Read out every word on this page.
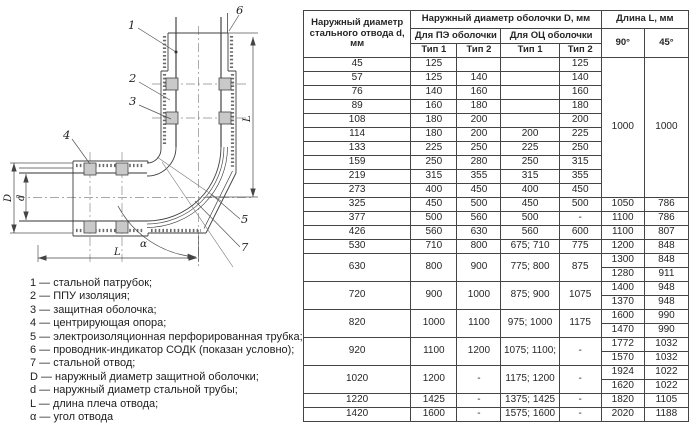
1
6
2
3
4
5
7
α
L
L
D d
1 — стальной патрубок;
2 — ППУ изоляция;
3 — защитная оболочка;
4 — центрирующая опора;
5 — электроизоляционная перфорированная трубка;
6 — проводник-индикатор СОДК (показан условно);
7 — стальной отвод;
D — наружный диаметр защитной оболочки;
d — наружный диаметр стальной трубы;
L — длина плеча отвода;
α — угол отвода
Наружный диаметр стального отвода d, мм	Наружный диаметр оболочки D, мм				Длина L, мм	
	Для ПЭ оболочки		Для ОЦ оболочки		90°	45°
	Тип 1	Тип 2	Тип 1	Тип 2		
45	125			125	1000	1000
57	125	140		140		
76	140	160		160		
89	160	180		180		
108	180	200		200		
114	180	200	200	225		
133	225	250	225	250		
159	250	280	250	315		
219	315	355	315	355		
273	400	450	400	450		
325	450	500	450	500	1050	786
377	500	560	500	-	1100	786
426	560	630	560	600	1100	807
530	710	800	675; 710	775	1200	848
630	800	900	775; 800	875	1300	848
					1280	911
720	900	1000	875; 900	1075	1400	948
					1370	948
820	1000	1100	975; 1000	1175	1600	990
					1470	990
920	1100	1200	1075; 1100;	-	1772	1032
					1570	1032
1020	1200	-	1175; 1200	-	1924	1022
					1620	1022
1220	1425	-	1375; 1425	-	1820	1105
1420	1600	-	1575; 1600	-	2020	1188
